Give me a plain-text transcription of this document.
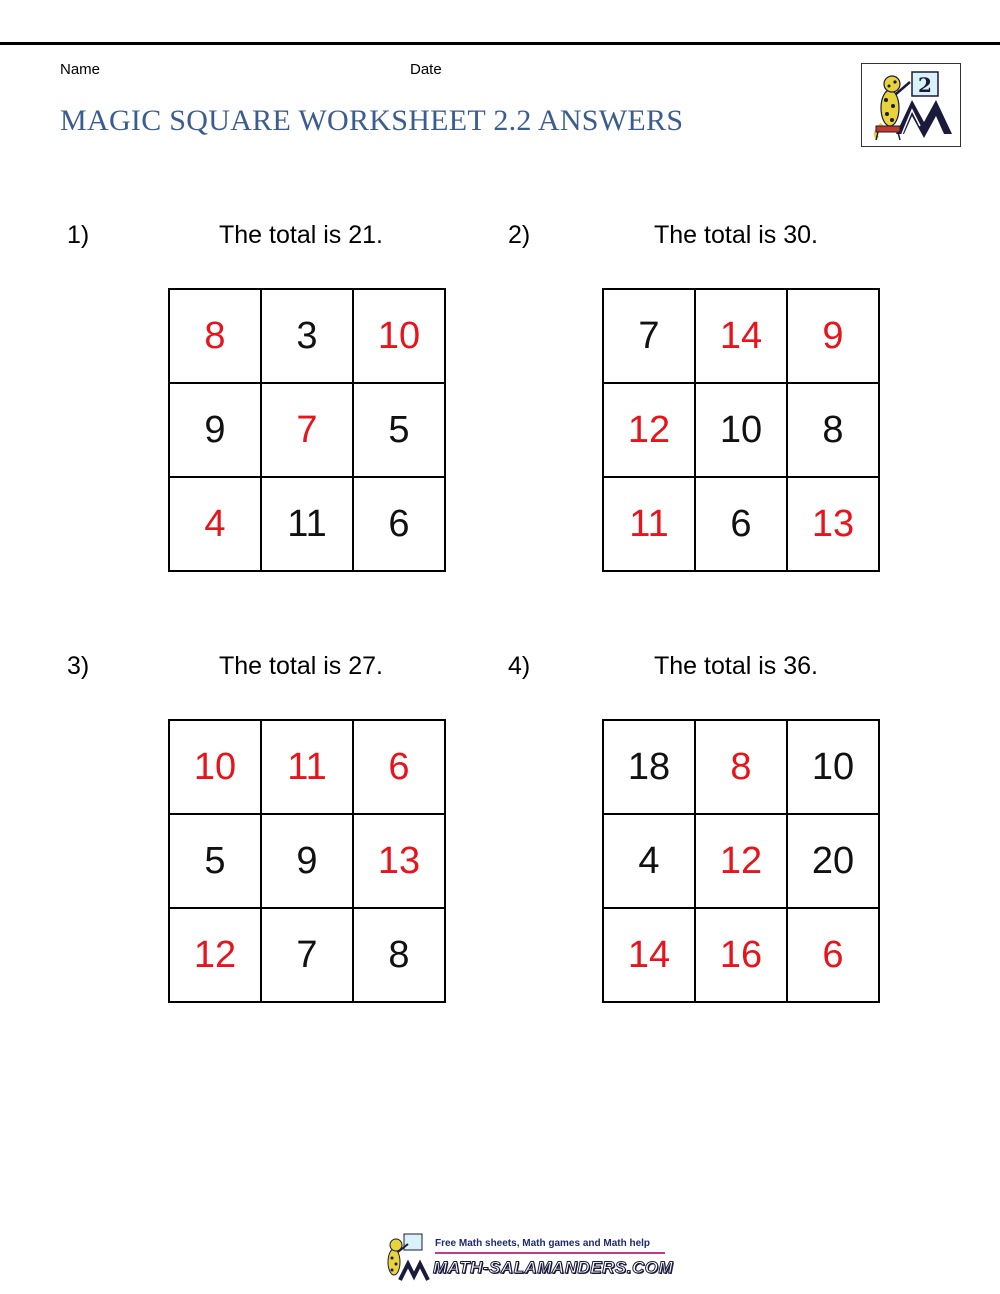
Name	Date
MAGIC SQUARE WORKSHEET 2.2 ANSWERS
2
1)	The total is 21.
8	3	10
9	7	5
4	11	6
2)	The total is 30.
7	14	9
12	10	8
11	6	13
3)	The total is 27.
10	11	6
5	9	13
12	7	8
4)	The total is 36.
18	8	10
4	12	20
14	16	6
Free Math sheets, Math games and Math help
MATH-SALAMANDERS.COM
